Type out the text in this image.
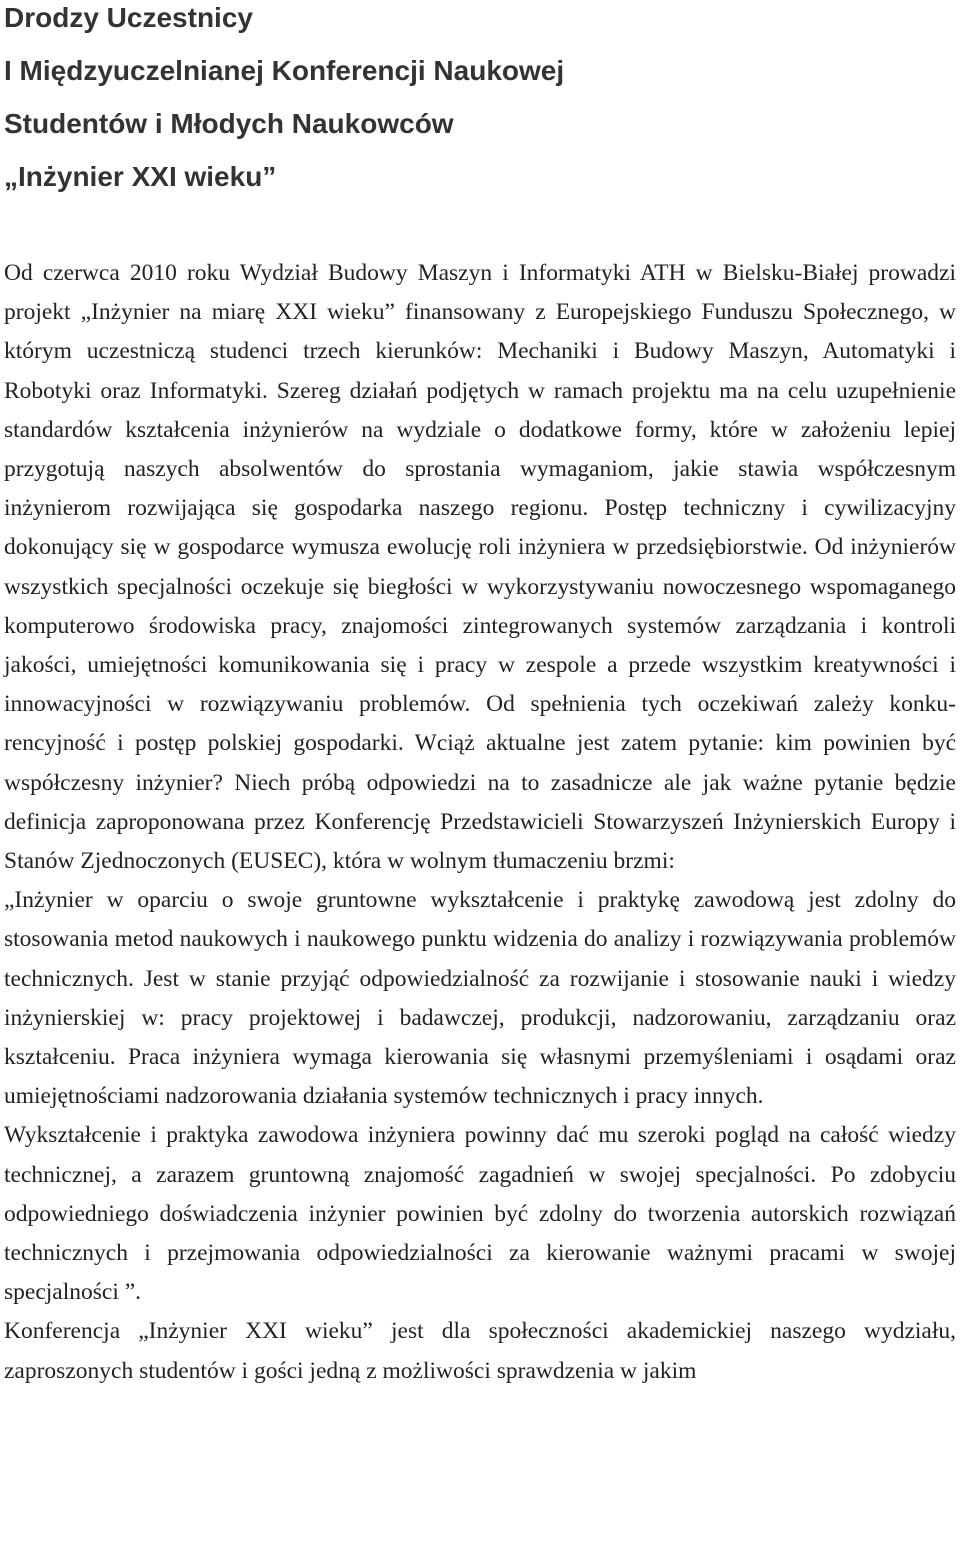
Drodzy Uczestnicy

I Międzyuczelnianej Konferencji Naukowej

Studentów i Młodych Naukowców

„Inżynier XXI wieku”

Od czerwca 2010 roku Wydział Budowy Maszyn i Informatyki ATH w Bielsku-Białej prowadzi projekt „Inżynier na miarę XXI wieku” finansowany z Europejskiego Funduszu Społecznego, w którym uczestniczą studenci trzech kierunków: Mechaniki i Budowy Maszyn, Automatyki i Robotyki oraz Informatyki. Szereg działań podjętych w ramach projektu ma na celu uzupełnienie standardów kształcenia inżynierów na wydziale o dodatkowe formy, które w założeniu lepiej przygotują naszych absolwentów do sprostania wymaganiom, jakie stawia współczesnym inżynierom rozwijająca się gospodarka naszego regionu. Postęp techniczny i cywilizacyjny dokonujący się w gospodarce wymusza ewolucję roli inżyniera w przedsiębiorstwie. Od inżynierów wszystkich specjalności oczekuje się biegłości w wykorzystywaniu nowoczesnego wspomaganego komputerowo środowiska pracy, znajomości zintegrowanych systemów zarządzania i kontroli jakości, umiejętności komunikowania się i pracy w zespole a przede wszystkim kreatywności i innowacyjności w rozwiązywaniu problemów. Od spełnienia tych oczekiwań zależy konkurencyjność i postęp polskiej gospodarki. Wciąż aktualne jest zatem pytanie: kim powinien być współczesny inżynier? Niech próbą odpowiedzi na to zasadnicze ale jak ważne pytanie będzie definicja zaproponowana przez Konferencję Przedstawicieli Stowarzyszeń Inżynierskich Europy i Stanów Zjednoczonych (EUSEC), która w wolnym tłumaczeniu brzmi:

„Inżynier w oparciu o swoje gruntowne wykształcenie i praktykę zawodową jest zdolny do stosowania metod naukowych i naukowego punktu widzenia do analizy i rozwiązywania problemów technicznych. Jest w stanie przyjąć odpowiedzialność za rozwijanie i stosowanie nauki i wiedzy inżynierskiej w: pracy projektowej i badawczej, produkcji, nadzorowaniu, zarządzaniu oraz kształceniu. Praca inżyniera wymaga kierowania się własnymi przemyśleniami i osądami oraz umiejętnościami nadzorowania działania systemów technicznych i pracy innych.

Wykształcenie i praktyka zawodowa inżyniera powinny dać mu szeroki pogląd na całość wiedzy technicznej, a zarazem gruntowną znajomość zagadnień w swojej specjalności. Po zdobyciu odpowiedniego doświadczenia inżynier powinien być zdolny do tworzenia autorskich rozwiązań technicznych i przejmowania odpowiedzialności za kierowanie ważnymi pracami w swojej specjalności ”.

Konferencja „Inżynier XXI wieku” jest dla społeczności akademickiej naszego wydziału, zaproszonych studentów i gości jedną z możliwości sprawdzenia w jakim
